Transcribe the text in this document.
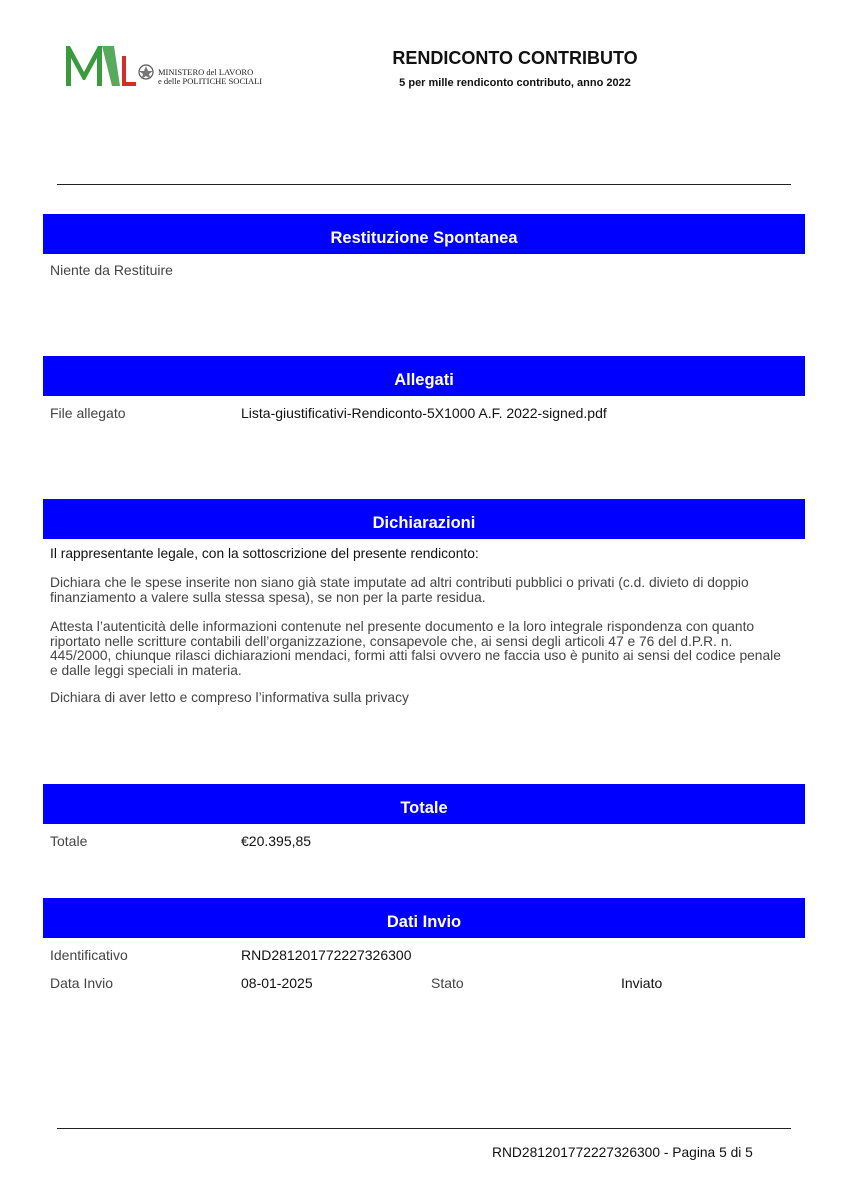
MINISTERO del LAVORO
e delle POLITICHE SOCIALI
RENDICONTO CONTRIBUTO
5 per mille rendiconto contributo, anno 2022
Restituzione Spontanea
Niente da Restituire
Allegati
File allegato	Lista-giustificativi-Rendiconto-5X1000 A.F. 2022-signed.pdf
Dichiarazioni
Il rappresentante legale, con la sottoscrizione del presente rendiconto:
Dichiara che le spese inserite non siano già state imputate ad altri contributi pubblici o privati (c.d. divieto di doppio finanziamento a valere sulla stessa spesa), se non per la parte residua.
Attesta l’autenticità delle informazioni contenute nel presente documento e la loro integrale rispondenza con quanto riportato nelle scritture contabili dell’organizzazione, consapevole che, ai sensi degli articoli 47 e 76 del d.P.R. n. 445/2000, chiunque rilasci dichiarazioni mendaci, formi atti falsi ovvero ne faccia uso è punito ai sensi del codice penale e dalle leggi speciali in materia.
Dichiara di aver letto e compreso l’informativa sulla privacy
Totale
Totale	€20.395,85
Dati Invio
Identificativo	RND281201772227326300
Data Invio	08-01-2025	Stato	Inviato
RND281201772227326300 - Pagina 5 di 5
